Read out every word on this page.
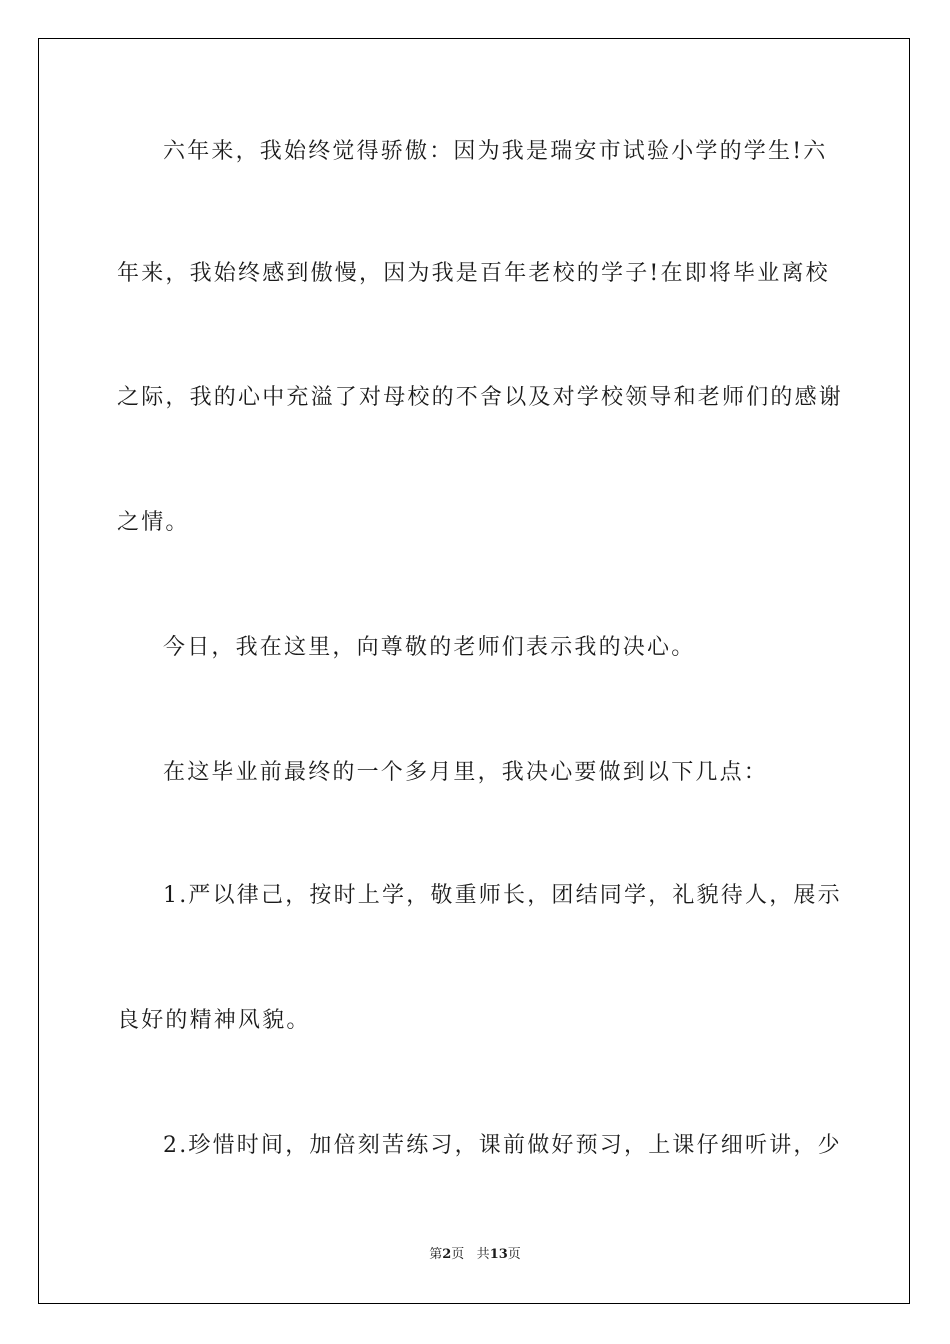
六年来，我始终觉得骄傲：因为我是瑞安市试验小学的学生!六

年来，我始终感到傲慢，因为我是百年老校的学子!在即将毕业离校

之际，我的心中充溢了对母校的不舍以及对学校领导和老师们的感谢

之情。

今日，我在这里，向尊敬的老师们表示我的决心。

在这毕业前最终的一个多月里，我决心要做到以下几点：

1.严以律己，按时上学，敬重师长，团结同学，礼貌待人，展示

良好的精神风貌。

2.珍惜时间，加倍刻苦练习，课前做好预习，上课仔细听讲，少

第2页 共13页
